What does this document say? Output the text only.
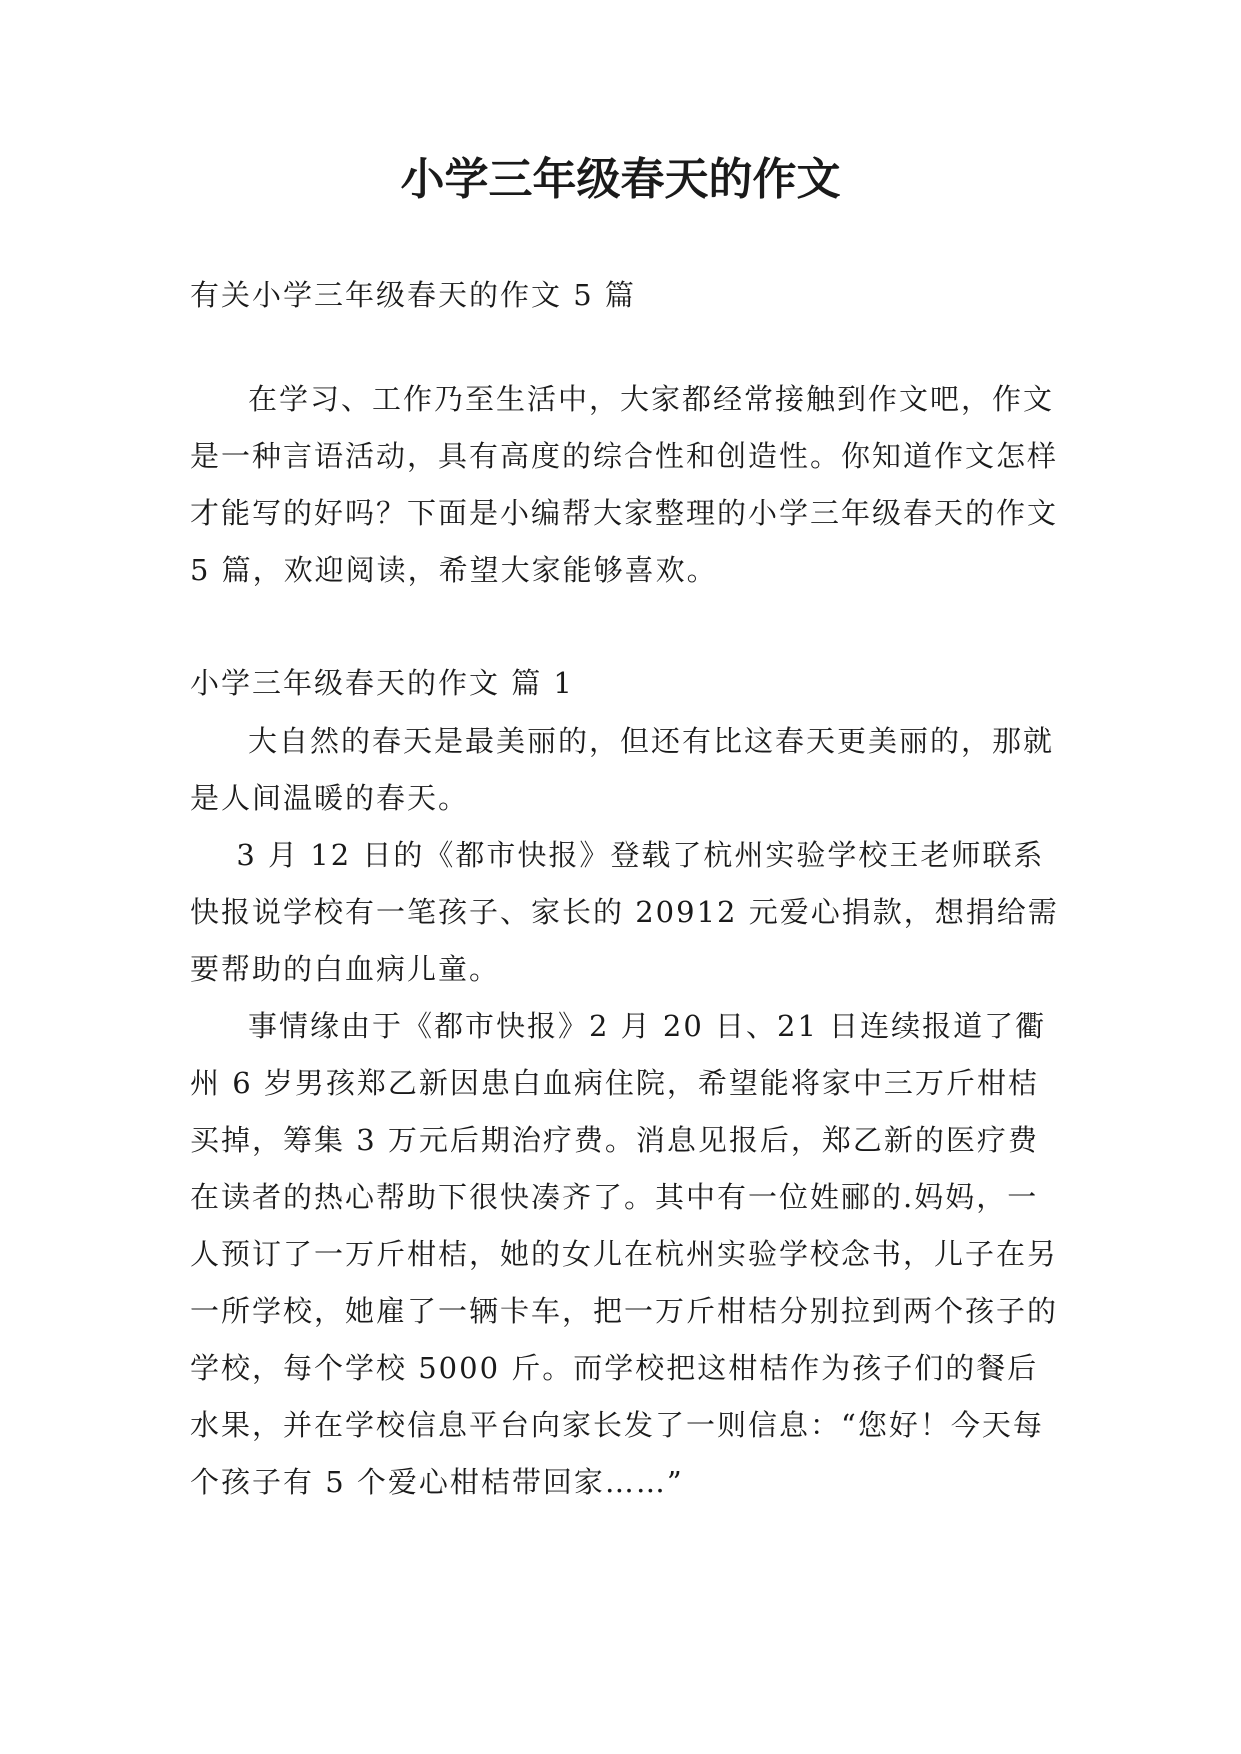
小学三年级春天的作文

有关小学三年级春天的作文 5 篇

在学习、工作乃至生活中，大家都经常接触到作文吧，作文是一种言语活动，具有高度的综合性和创造性。你知道作文怎样才能写的好吗？下面是小编帮大家整理的小学三年级春天的作文 5 篇，欢迎阅读，希望大家能够喜欢。

小学三年级春天的作文 篇 1

大自然的春天是最美丽的，但还有比这春天更美丽的，那就是人间温暖的春天。

3 月 12 日的《都市快报》登载了杭州实验学校王老师联系快报说学校有一笔孩子、家长的 20912 元爱心捐款，想捐给需要帮助的白血病儿童。

事情缘由于《都市快报》2 月 20 日、21 日连续报道了衢州 6 岁男孩郑乙新因患白血病住院，希望能将家中三万斤柑桔买掉，筹集 3 万元后期治疗费。消息见报后，郑乙新的医疗费在读者的热心帮助下很快凑齐了。其中有一位姓郦的.妈妈，一人预订了一万斤柑桔，她的女儿在杭州实验学校念书，儿子在另一所学校，她雇了一辆卡车，把一万斤柑桔分别拉到两个孩子的学校，每个学校 5000 斤。而学校把这柑桔作为孩子们的餐后水果，并在学校信息平台向家长发了一则信息：“您好！今天每个孩子有 5 个爱心柑桔带回家……”
